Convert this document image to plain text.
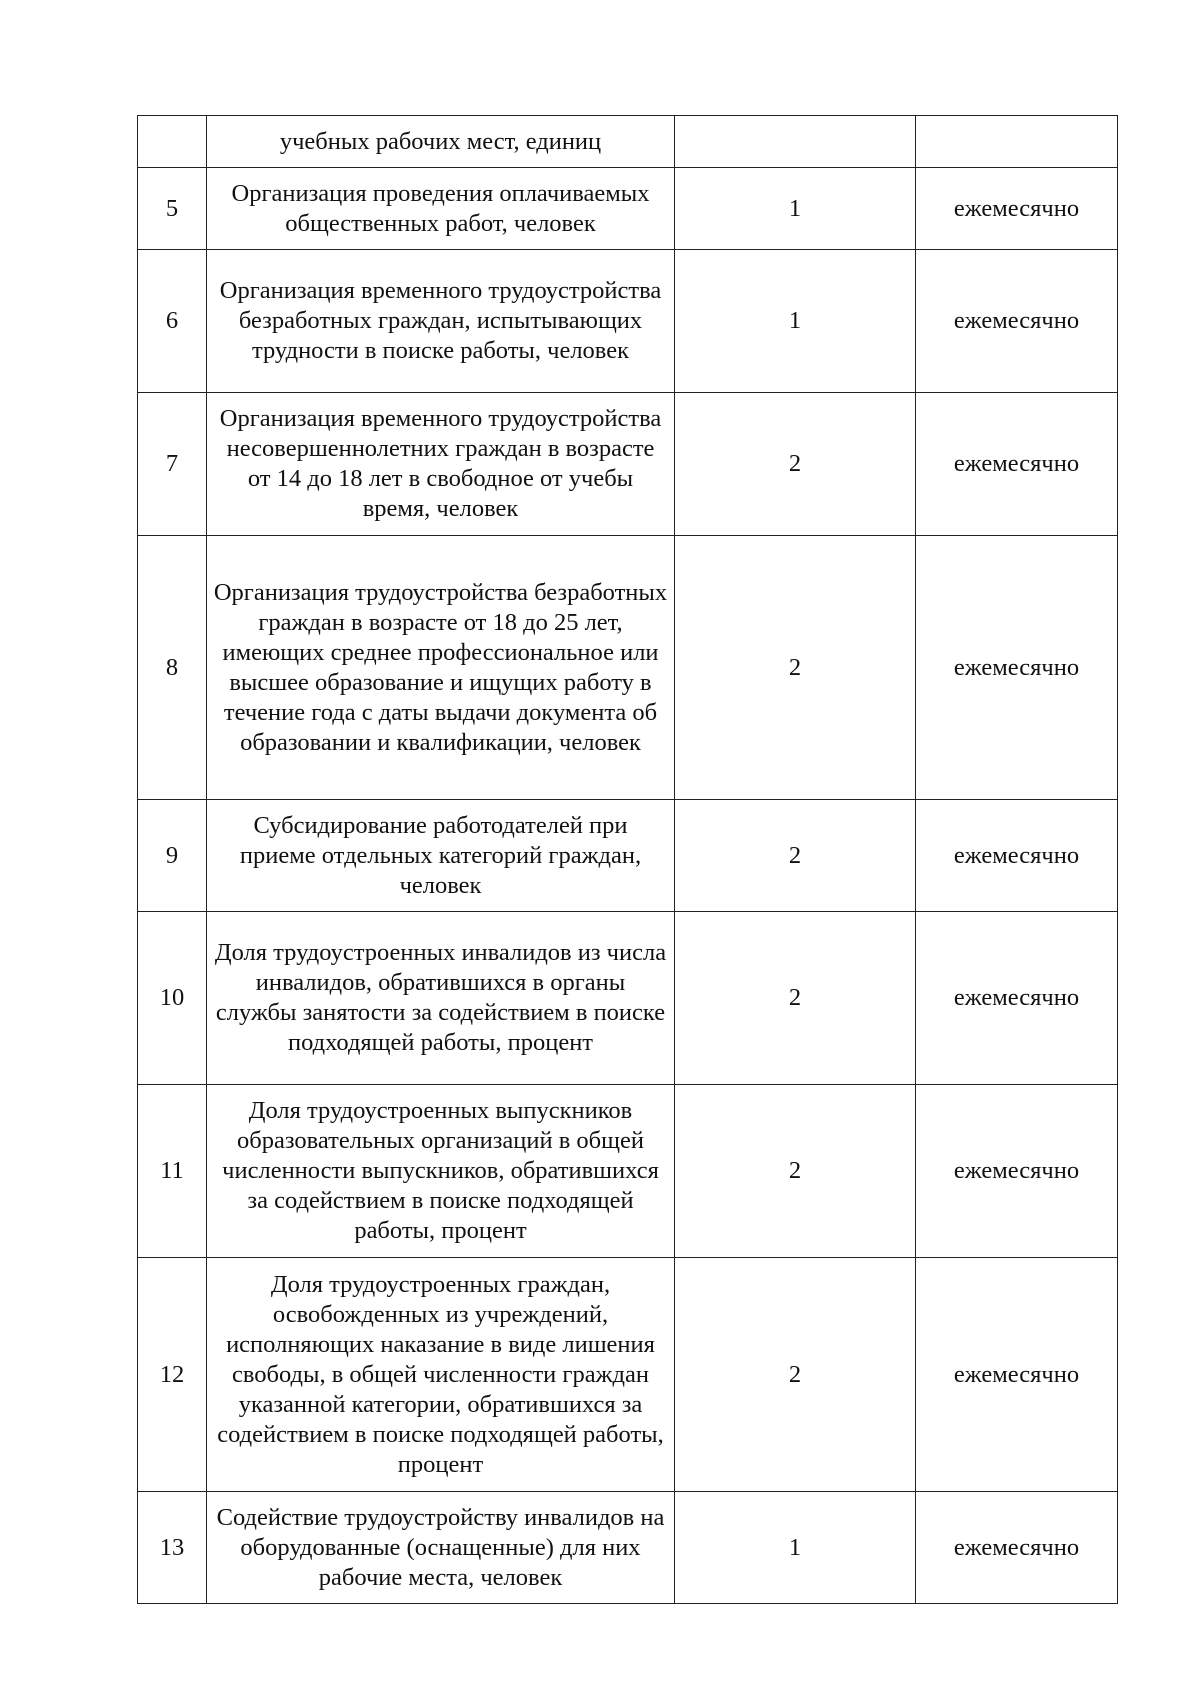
	учебных рабочих мест, единиц		
5	Организация проведения оплачиваемых общественных работ, человек	1	ежемесячно
6	Организация временного трудоустройства безработных граждан, испытывающих трудности в поиске работы, человек	1	ежемесячно
7	Организация временного трудоустройства несовершеннолетних граждан в возрасте от 14 до 18 лет в свободное от учебы время, человек	2	ежемесячно
8	Организация трудоустройства безработных граждан в возрасте от 18 до 25 лет, имеющих среднее профессиональное или высшее образование и ищущих работу в течение года с даты выдачи документа об образовании и квалификации, человек	2	ежемесячно
9	Субсидирование работодателей при приеме отдельных категорий граждан, человек	2	ежемесячно
10	Доля трудоустроенных инвалидов из числа инвалидов, обратившихся в органы службы занятости за содействием в поиске подходящей работы, процент	2	ежемесячно
11	Доля трудоустроенных выпускников образовательных организаций в общей численности выпускников, обратившихся за содействием в поиске подходящей работы, процент	2	ежемесячно
12	Доля трудоустроенных граждан, освобожденных из учреждений, исполняющих наказание в виде лишения свободы, в общей численности граждан указанной категории, обратившихся за содействием в поиске подходящей работы, процент	2	ежемесячно
13	Содействие трудоустройству инвалидов на оборудованные (оснащенные) для них рабочие места, человек	1	ежемесячно
